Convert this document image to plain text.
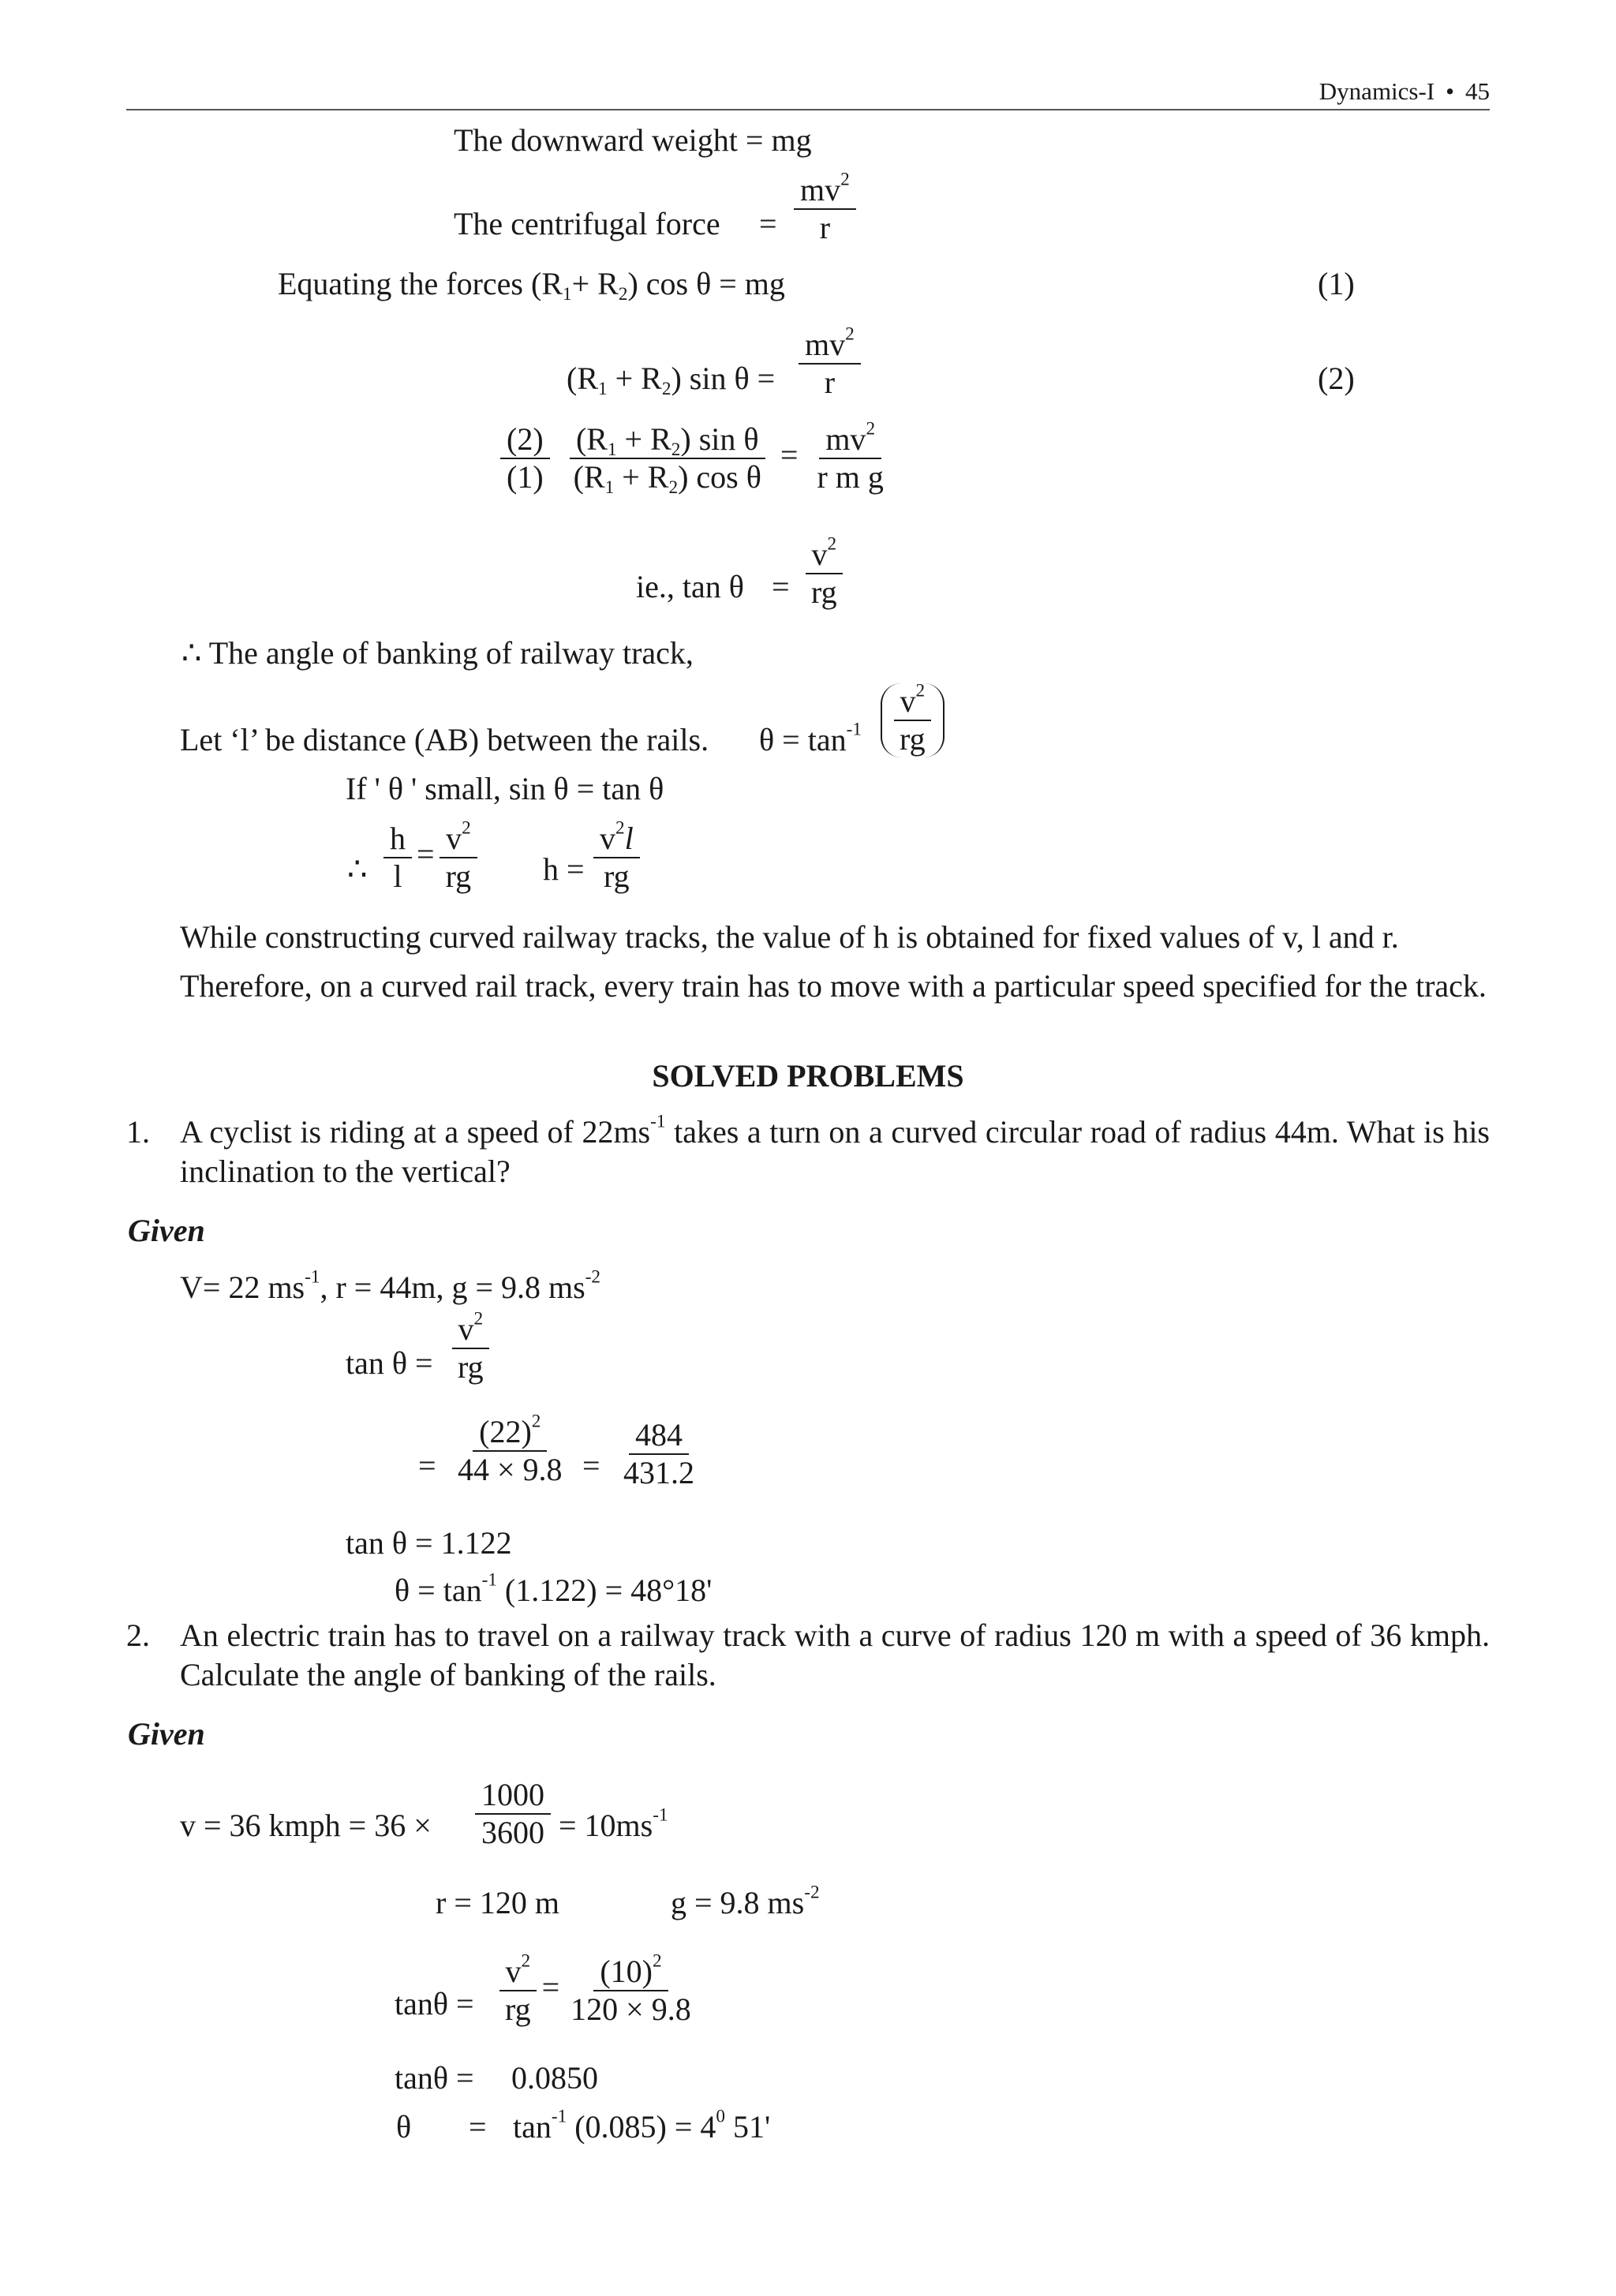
Dynamics-I • 45
The downward weight = mg
The centrifugal force = $\frac{mv^2}{r}$
Equating the forces $(R_1+ R_2)$ cos θ = mg	(1)
$(R_1 + R_2)$ $\sin \theta = \frac{mv^2}{r}$	(2)
$\frac{(2)}{(1)}$
$\frac{(R_1 + R_2) \sin \theta}{(R_1 + R_2) \cos \theta} = \frac{mv^2}{\text{r m g}}$
ie., $\tan \theta = \frac{v^2}{rg}$
∴ The angle of banking of railway track,
Let ‘l’ be distance (AB) between the rails. $\theta = \tan^{-1} \frac{v^2}{rg}$
If ' θ ' small, sin θ = tan θ
∴ $\frac{h}{l} = \frac{v^2}{rg}$ $h = \frac{v^2l}{rg}$

While constructing curved railway tracks, the value of h is obtained for fixed values of v, l and r.

Therefore, on a curved rail track, every train has to move with a particular speed specified for the track.

SOLVED PROBLEMS
1. A cyclist is riding at a speed of $22ms^{-1}$ takes a turn on a curved circular road of radius 44m. What is his inclination to the vertical?
Given
V= 22 $ms^{-1}$, r = 44m, g = 9.8 $ms^{-2}$
$\tan \theta = \frac{v^2}{rg}$
= $\frac{(22)^2}{44 \times 9.8} = \frac{484}{431.2}$
tan θ = 1.122
$\theta = \tan^{-1} (1.122) = 48^\circ 18'$
2. An electric train has to travel on a railway track with a curve of radius 120 m with a speed of 36 kmph. Calculate the angle of banking of the rails.
Given
v = 36 kmph = $36 \times \frac{1000}{3600} = 10ms^{-1}$
r = 120 m	g = 9.8 $ms^{-2}$
$\tan\theta = \frac{v^2}{rg} = \frac{(10)^2}{120 \times 9.8}$
tanθ = 0.0850
$\theta = \tan^{-1} (0.085) = 4^0$ 51'
